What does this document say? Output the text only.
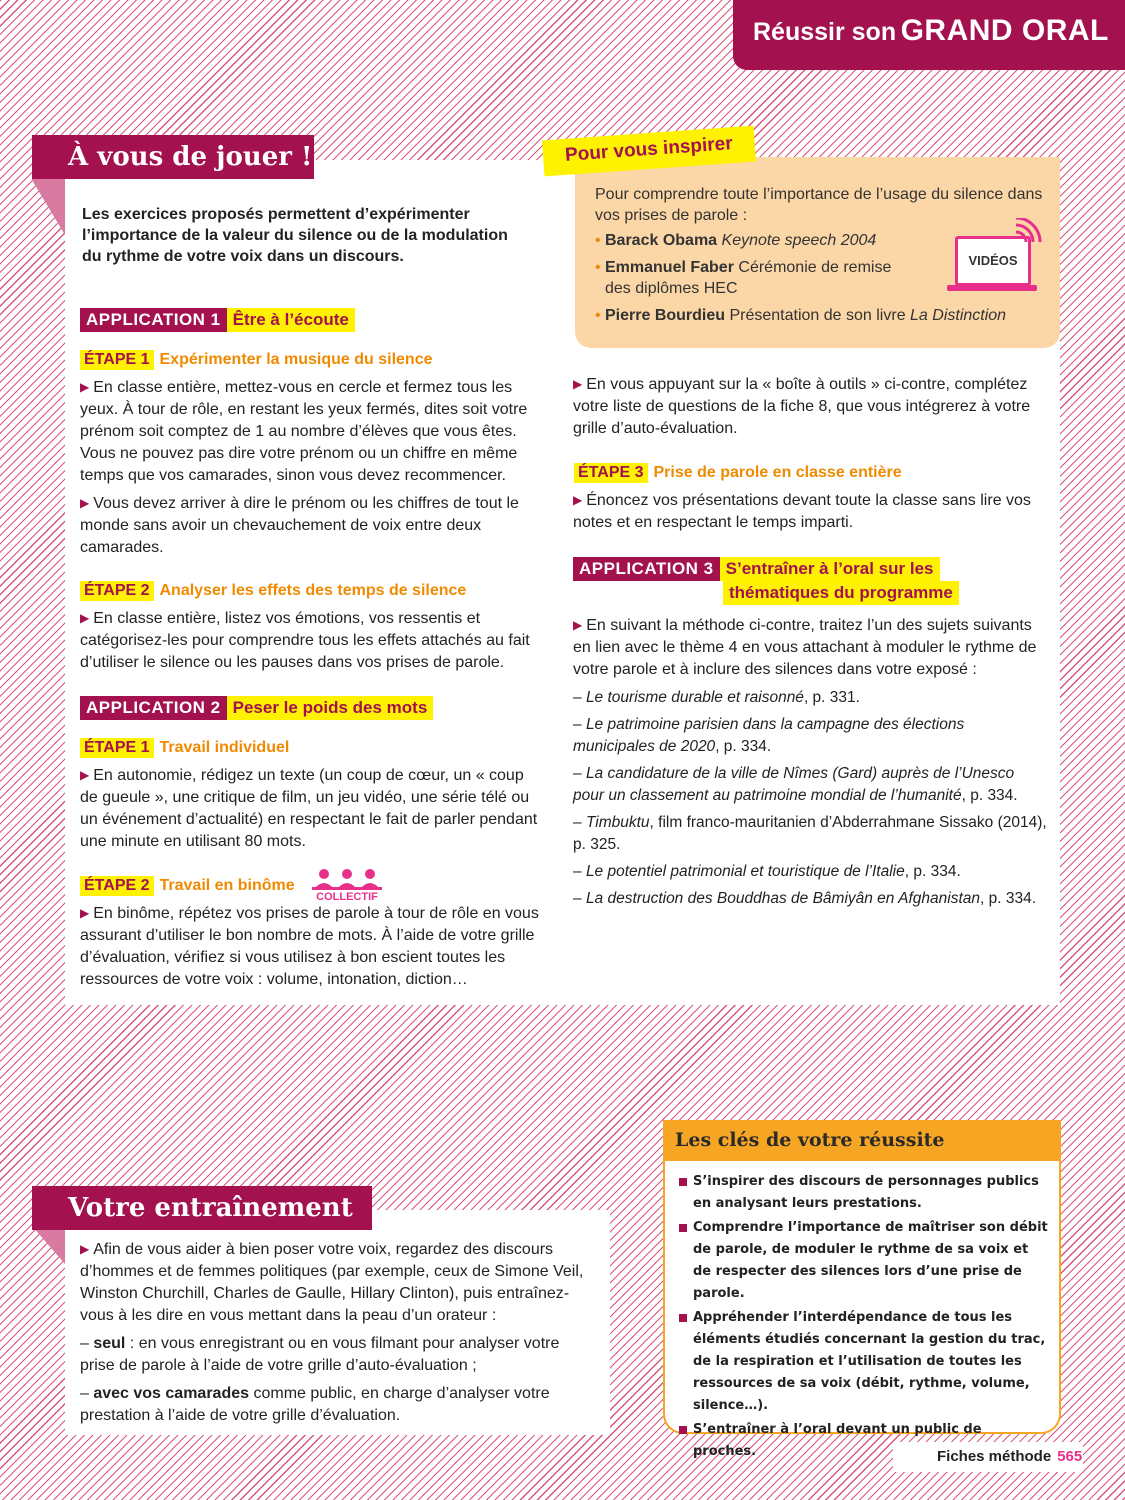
Réussir son GRAND ORAL
À vous de jouer !
Les exercices proposés permettent d’expérimenter l’importance de la valeur du silence ou de la modulation du rythme de votre voix dans un discours.
APPLICATION 1 Être à l’écoute
ÉTAPE 1 Expérimenter la musique du silence

▶ En classe entière, mettez-vous en cercle et fermez tous les yeux. À tour de rôle, en restant les yeux fermés, dites soit votre prénom soit comptez de 1 au nombre d’élèves que vous êtes. Vous ne pouvez pas dire votre prénom ou un chiffre en même temps que vos camarades, sinon vous devez recommencer.

▶ Vous devez arriver à dire le prénom ou les chiffres de tout le monde sans avoir un chevauchement de voix entre deux camarades.

ÉTAPE 2 Analyser les effets des temps de silence

▶ En classe entière, listez vos émotions, vos ressentis et catégorisez-les pour comprendre tous les effets attachés au fait d’utiliser le silence ou les pauses dans vos prises de parole.

APPLICATION 2 Peser le poids des mots
ÉTAPE 1 Travail individuel

▶ En autonomie, rédigez un texte (un coup de cœur, un « coup de gueule », une critique de film, un jeu vidéo, une série télé ou un événement d’actualité) en respectant le fait de parler pendant une minute en utilisant 80 mots.

ÉTAPE 2 Travail en binôme
COLLECTIF

▶ En binôme, répétez vos prises de parole à tour de rôle en vous assurant d’utiliser le bon nombre de mots. À l’aide de votre grille d’évaluation, vérifiez si vous utilisez à bon escient toutes les ressources de votre voix : volume, intonation, diction…

Pour comprendre toute l’importance de l’usage du silence dans vos prises de parole :
• Barack Obama Keynote speech 2004
• Emmanuel Faber Cérémonie de remise des diplômes HEC
• Pierre Bourdieu Présentation de son livre La Distinction
Pour vous inspirer
VIDÉOS

▶ En vous appuyant sur la « boîte à outils » ci-contre, complétez votre liste de questions de la fiche 8, que vous intégrerez à votre grille d’auto-évaluation.

ÉTAPE 3 Prise de parole en classe entière

▶ Énoncez vos présentations devant toute la classe sans lire vos notes et en respectant le temps imparti.

APPLICATION 3 S’entraîner à l’oral sur les
thématiques du programme

▶ En suivant la méthode ci-contre, traitez l’un des sujets suivants en lien avec le thème 4 en vous attachant à moduler le rythme de votre parole et à inclure des silences dans votre exposé :

– Le tourisme durable et raisonné, p. 331.
– Le patrimoine parisien dans la campagne des élections municipales de 2020, p. 334.
– La candidature de la ville de Nîmes (Gard) auprès de l’Unesco pour un classement au patrimoine mondial de l’humanité, p. 334.
– Timbuktu, film franco-mauritanien d’Abderrahmane Sissako (2014), p. 325.
– Le potentiel patrimonial et touristique de l’Italie, p. 334.
– La destruction des Bouddhas de Bâmiyân en Afghanistan, p. 334.
Les clés de votre réussite
S’inspirer des discours de personnages publics en analysant leurs prestations.
Comprendre l’importance de maîtriser son débit de parole, de moduler le rythme de sa voix et de respecter des silences lors d’une prise de parole.
Appréhender l’interdépendance de tous les éléments étudiés concernant la gestion du trac, de la respiration et l’utilisation de toutes les ressources de sa voix (débit, rythme, volume, silence…).
S’entraîner à l’oral devant un public de proches.
Votre entraînement

▶ Afin de vous aider à bien poser votre voix, regardez des discours d’hommes et de femmes politiques (par exemple, ceux de Simone Veil, Winston Churchill, Charles de Gaulle, Hillary Clinton), puis entraînez-vous à les dire en vous mettant dans la peau d’un orateur :

– seul : en vous enregistrant ou en vous filmant pour analyser votre prise de parole à l’aide de votre grille d’auto-évaluation ;

– avec vos camarades comme public, en charge d’analyser votre prestation à l’aide de votre grille d’évaluation.

Fiches méthode 565
